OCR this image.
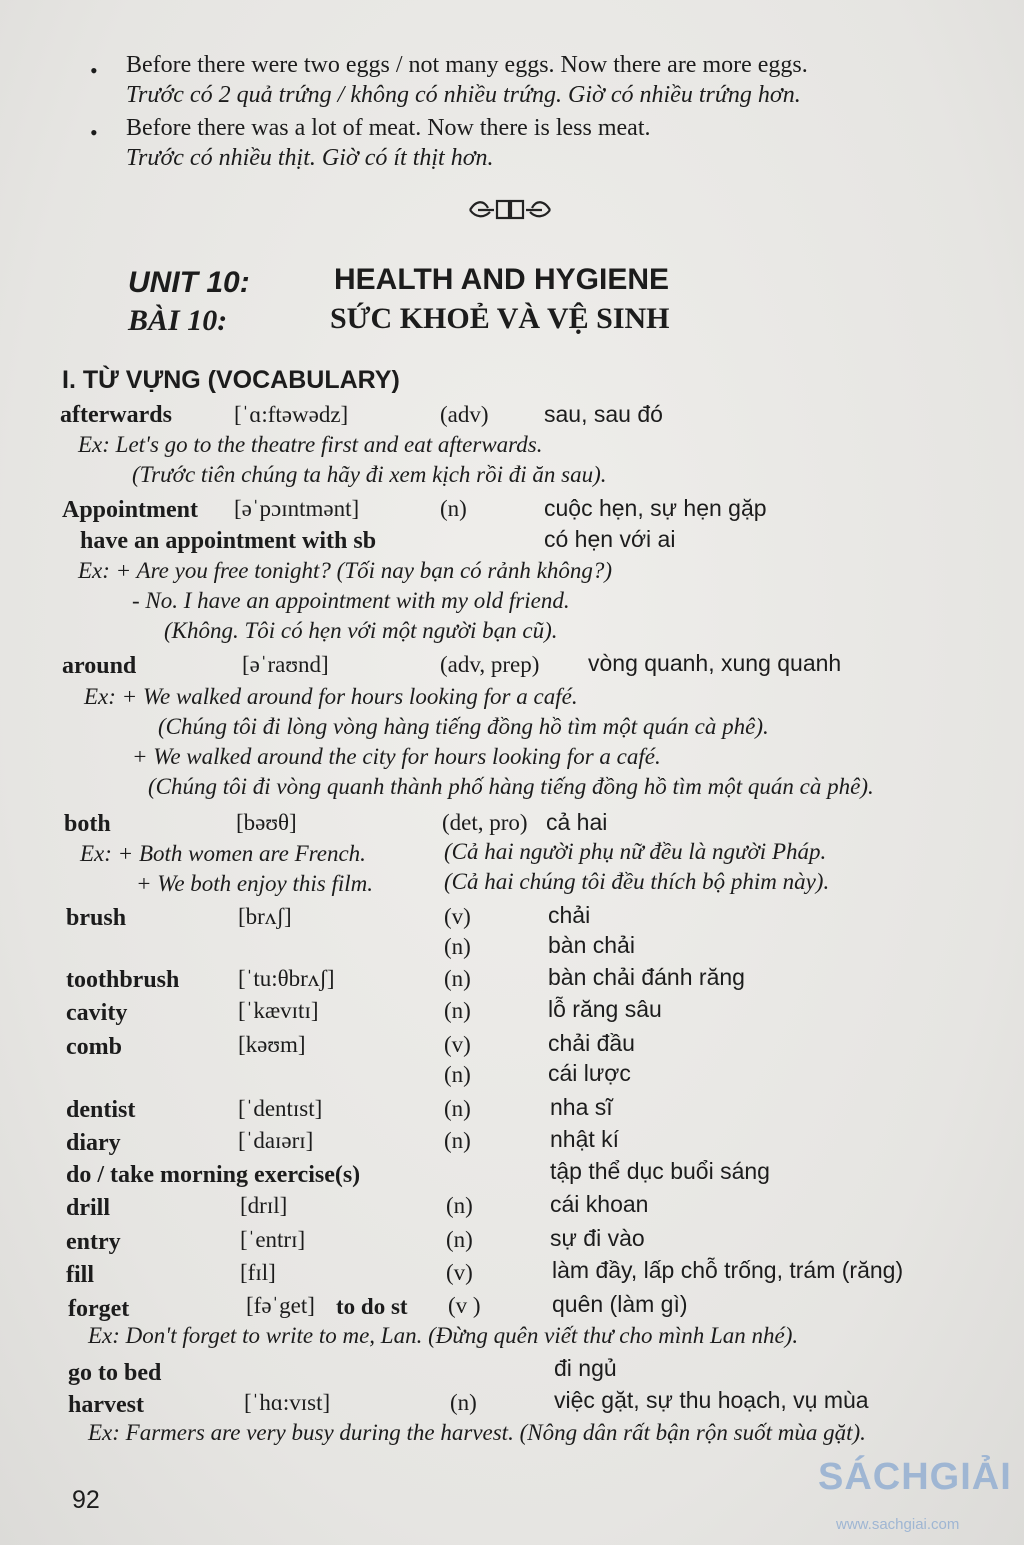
• Before there were two eggs / not many eggs. Now there are more eggs.
Trước có 2 quả trứng / không có nhiều trứng. Giờ có nhiều trứng hơn.
• Before there was a lot of meat. Now there is less meat.
Trước có nhiều thịt. Giờ có ít thịt hơn.
UNIT 10:	HEALTH AND HYGIENE
BÀI 10:	SỨC KHOẺ VÀ VỆ SINH
I. TỪ VỰNG (VOCABULARY)
afterwards	[ˈɑ:ftəwədz]	(adv) sau, sau đó
Ex: Let's go to the theatre first and eat afterwards.
(Trước tiên chúng ta hãy đi xem kịch rồi đi ăn sau).
Appointment [əˈpɔɪntmənt]	(n)	cuộc hẹn, sự hẹn gặp
have an appointment with sb	có hẹn với ai
Ex: + Are you free tonight? (Tối nay bạn có rảnh không?)
- No. I have an appointment with my old friend.
(Không. Tôi có hẹn với một người bạn cũ).
around	[əˈraʊnd]	(adv, prep) vòng quanh, xung quanh
Ex: + We walked around for hours looking for a café.
(Chúng tôi đi lòng vòng hàng tiếng đồng hồ tìm một quán cà phê).
+ We walked around the city for hours looking for a café.
(Chúng tôi đi vòng quanh thành phố hàng tiếng đồng hồ tìm một quán cà phê).
both	[bəʊθ]	(det, pro) cả hai
Ex: + Both women are French.	(Cả hai người phụ nữ đều là người Pháp.
+ We both enjoy this film.	(Cả hai chúng tôi đều thích bộ phim này).
brush	[brʌʃ]	(v)	chải
(n)	bàn chải
toothbrush	[ˈtu:θbrʌʃ]	(n)	bàn chải đánh răng
cavity	[ˈkævɪtɪ]	(n)	lỗ răng sâu
comb	[kəʊm]	(v)	chải đầu
(n)	cái lược
dentist	[ˈdentɪst]	(n)	nha sĩ
diary	[ˈdaɪərɪ]	(n)	nhật kí
do / take morning exercise(s)	tập thể dục buổi sáng
drill	[drɪl]	(n)	cái khoan
entry	[ˈentrɪ]	(n)	sự đi vào
fill	[fɪl]	(v)	làm đầy, lấp chỗ trống, trám (răng)
forget	[fəˈget] to do st (v )	quên (làm gì)
Ex: Don't forget to write to me, Lan. (Đừng quên viết thư cho mình Lan nhé).
go to bed	đi ngủ
harvest	[ˈhɑ:vɪst]	(n)	việc gặt, sự thu hoạch, vụ mùa
Ex: Farmers are very busy during the harvest. (Nông dân rất bận rộn suốt mùa gặt).
92
SÁCHGIẢI
www.sachgiai.com
